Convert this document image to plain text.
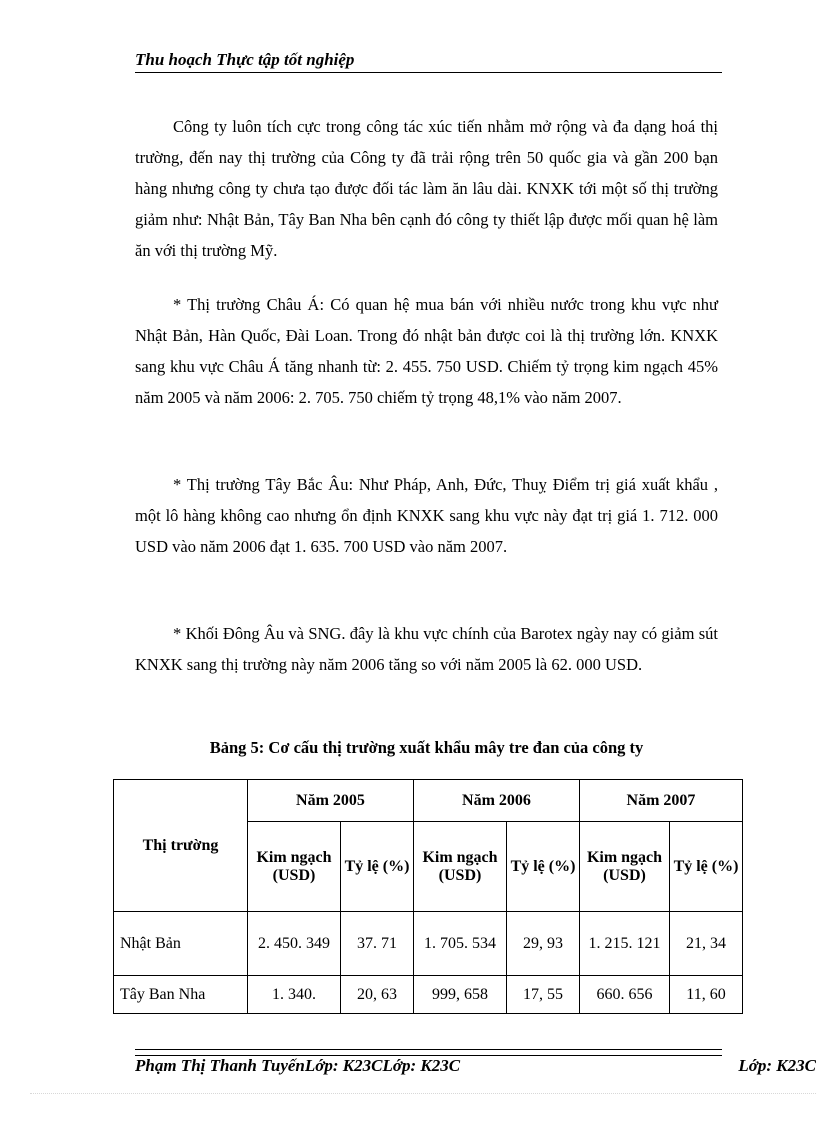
Thu hoạch Thực tập tốt nghiệp

Công ty luôn tích cực trong công tác xúc tiến nhằm mở rộng và đa dạng hoá thị trường, đến nay thị trường của Công ty đã trải rộng trên 50 quốc gia và gần 200 bạn hàng nhưng công ty chưa tạo được đối tác làm ăn lâu dài. KNXK tới một số thị trường giảm như: Nhật Bản, Tây Ban Nha bên cạnh đó công ty thiết lập được mối quan hệ làm ăn với thị trường Mỹ.

* Thị trường Châu Á: Có quan hệ mua bán với nhiều nước trong khu vực như Nhật Bản, Hàn Quốc, Đài Loan. Trong đó nhật bản được coi là thị trường lớn. KNXK sang khu vực Châu Á tăng nhanh từ: 2. 455. 750 USD. Chiếm tỷ trọng kim ngạch 45% năm 2005 và năm 2006: 2. 705. 750 chiếm tỷ trọng 48,1% vào năm 2007.

* Thị trường Tây Bắc Âu: Như Pháp, Anh, Đức, Thuỵ Điểm trị giá xuất khẩu , một lô hàng không cao nhưng ổn định KNXK sang khu vực này đạt trị giá 1. 712. 000 USD vào năm 2006 đạt 1. 635. 700 USD vào năm 2007.

* Khối Đông Âu và SNG. đây là khu vực chính của Barotex ngày nay có giảm sút KNXK sang thị trường này năm 2006 tăng so với năm 2005 là 62. 000 USD.

Bảng 5: Cơ cấu thị trường xuất khẩu mây tre đan của công ty
Thị trường	Năm 2005		Năm 2006		Năm 2007	
	Kim ngạch (USD)	Tỷ lệ (%)	Kim ngạch (USD)	Tỷ lệ (%)	Kim ngạch (USD)	Tỷ lệ (%)
Nhật Bản	2. 450. 349	37. 71	1. 705. 534	29, 93	1. 215. 121	21, 34
Tây Ban Nha	1. 340.	20, 63	999, 658	17, 55	660. 656	11, 60
Phạm Thị Thanh TuyếnLớp: K23CLớp: K23C	Lớp: K23C
